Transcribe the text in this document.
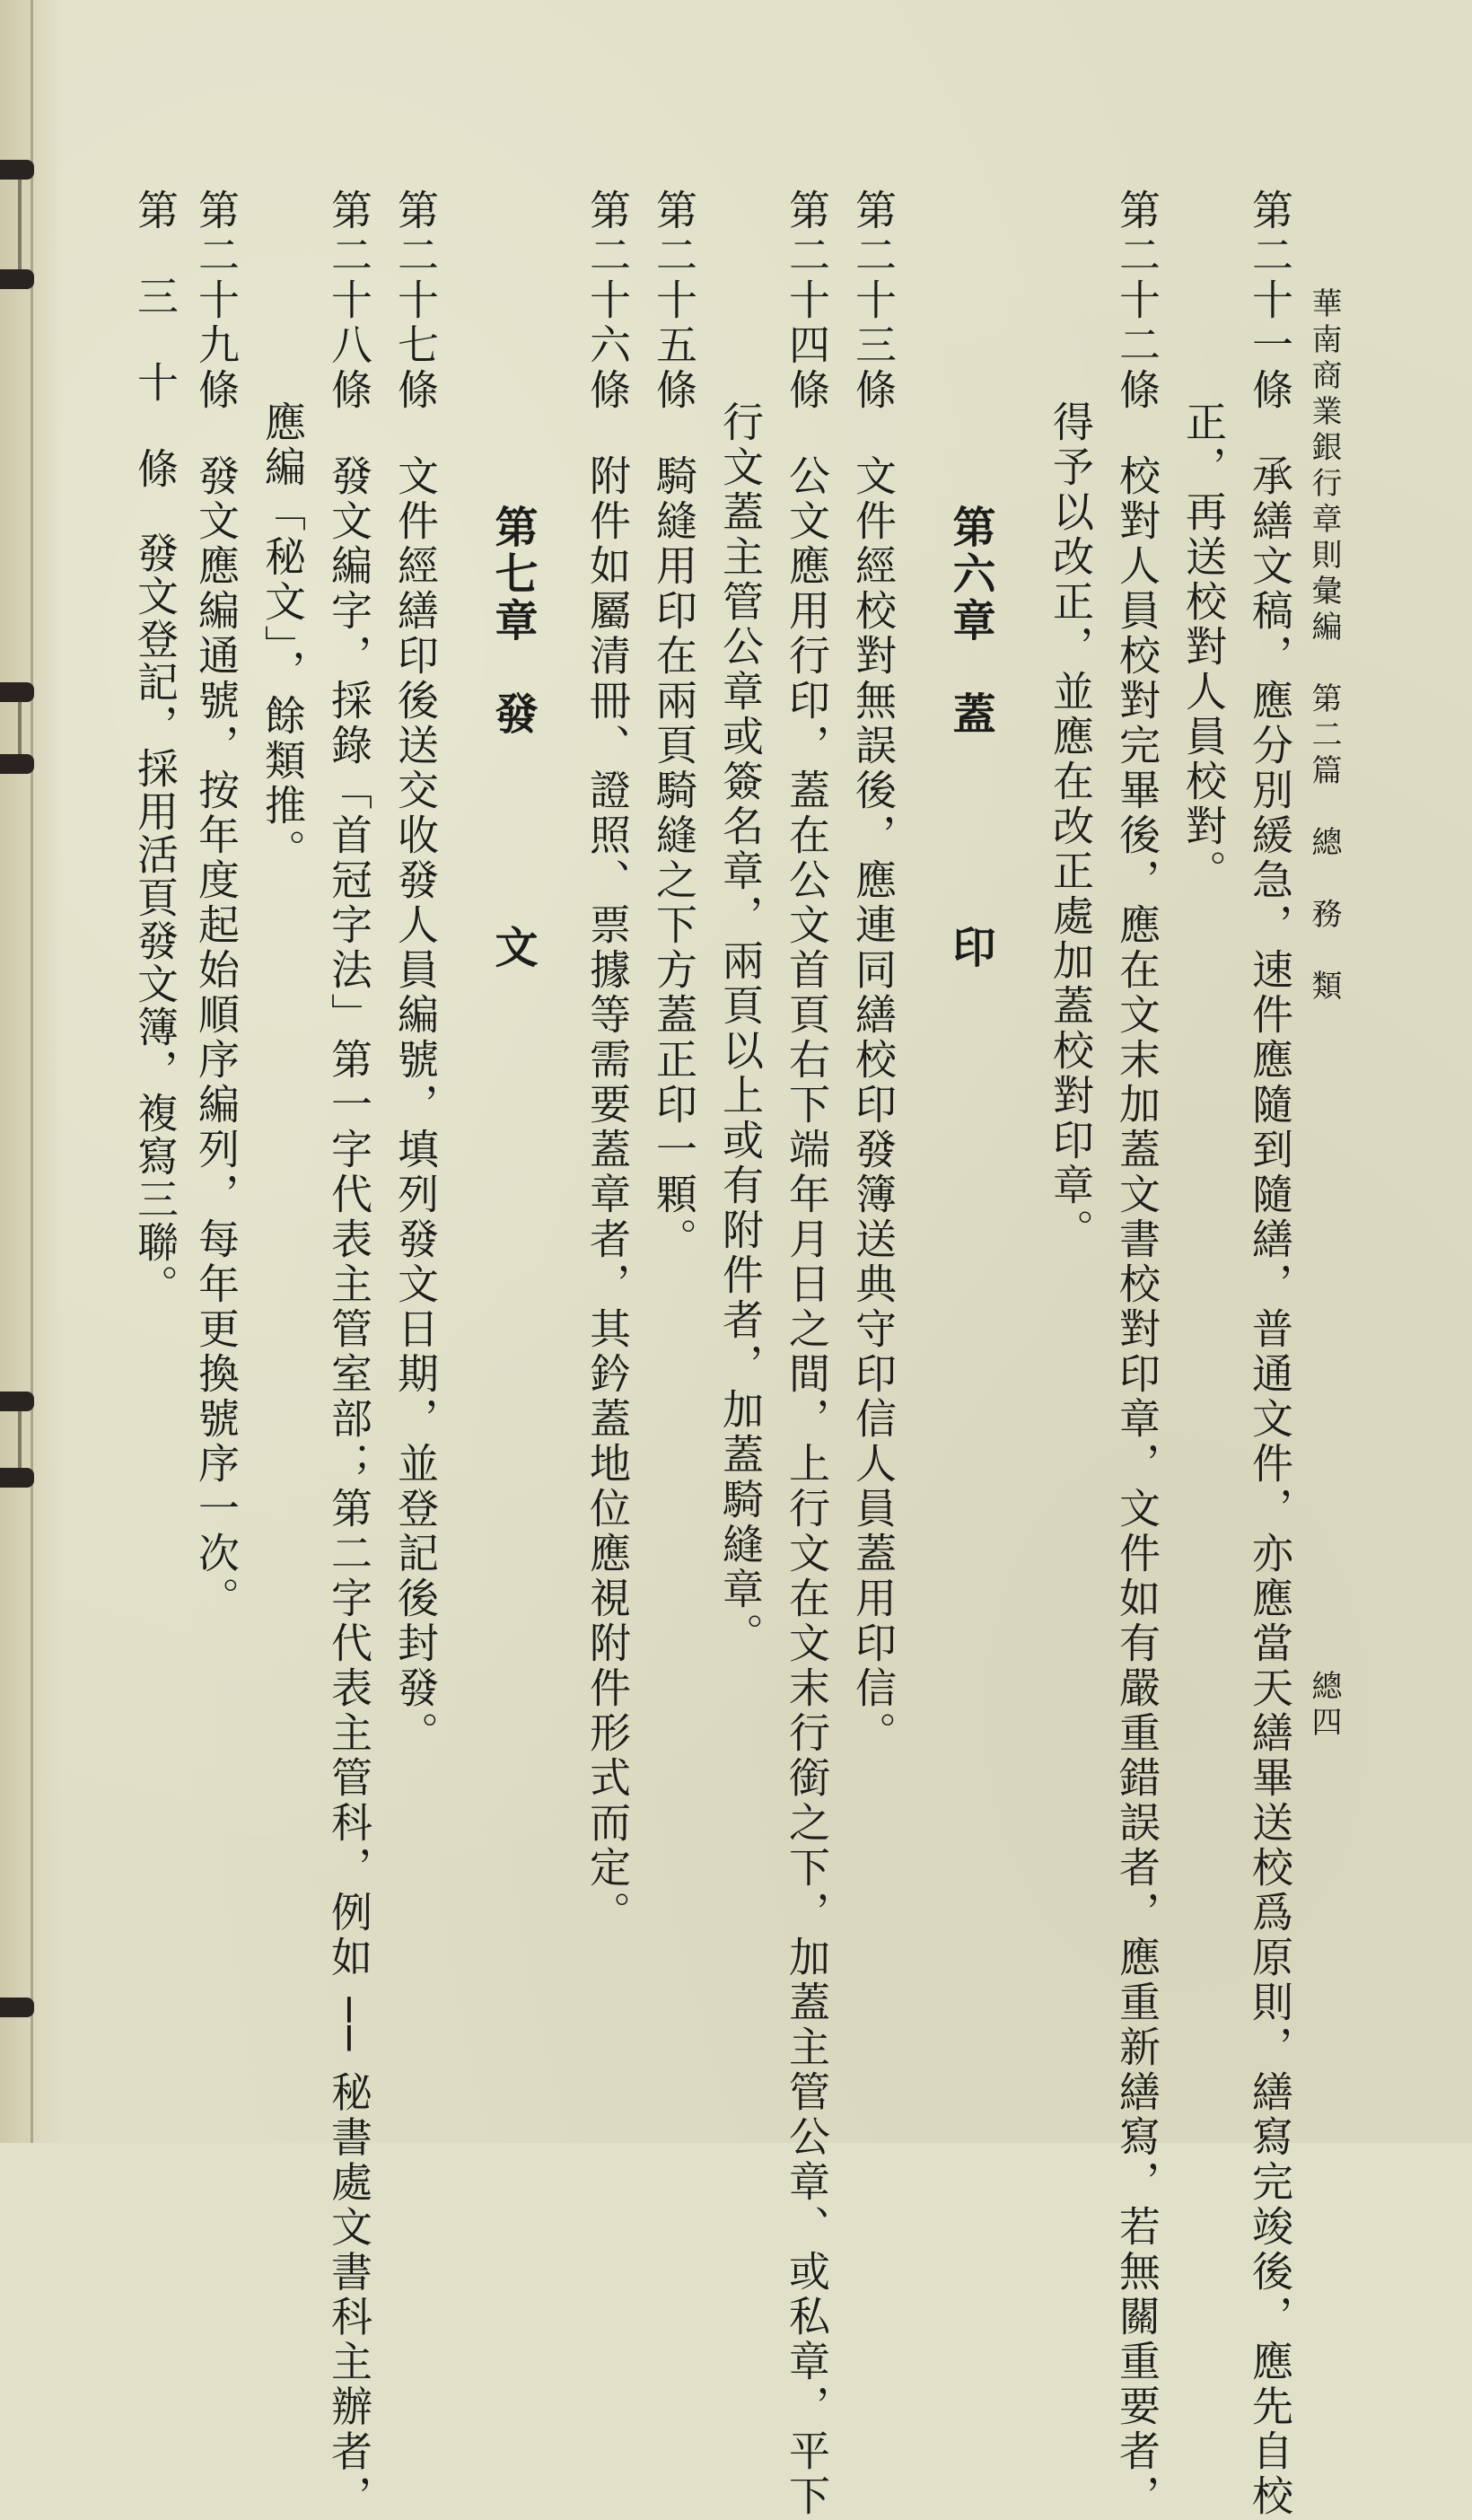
華南商業銀行章則彙編　第二篇　總　務　類
總四
第二十一條承繕文稿，應分別緩急，速件應隨到隨繕，普通文件，亦應當天繕畢送校爲原則，繕寫完竣後，應先自校
正，再送校對人員校對。
第二十二條校對人員校對完畢後，應在文末加蓋文書校對印章，文件如有嚴重錯誤者，應重新繕寫，若無關重要者，
得予以改正，並應在改正處加蓋校對印章。
第六章　蓋　　　　印
第二十三條文件經校對無誤後，應連同繕校印發簿送典守印信人員蓋用印信。
第二十四條公文應用行印，蓋在公文首頁右下端年月日之間，上行文在文末行銜之下，加蓋主管公章、或私章，平下
行文蓋主管公章或簽名章，兩頁以上或有附件者，加蓋騎縫章。
第二十五條騎縫用印在兩頁騎縫之下方蓋正印一顆。
第二十六條附件如屬清冊、證照、票據等需要蓋章者，其鈐蓋地位應視附件形式而定。
第七章　發　　　　文
第二十七條文件經繕印後送交收發人員編號，填列發文日期，並登記後封發。
第二十八條發文編字，採錄「首冠字法」第一字代表主管室部；第二字代表主管科，例如 ── 秘書處文書科主辦者，
應編「秘文」，餘類推。
第二十九條發文應編通號，按年度起始順序編列，每年更換號序一次。
第　三　十　條發文登記，採用活頁發文簿，複寫三聯。
